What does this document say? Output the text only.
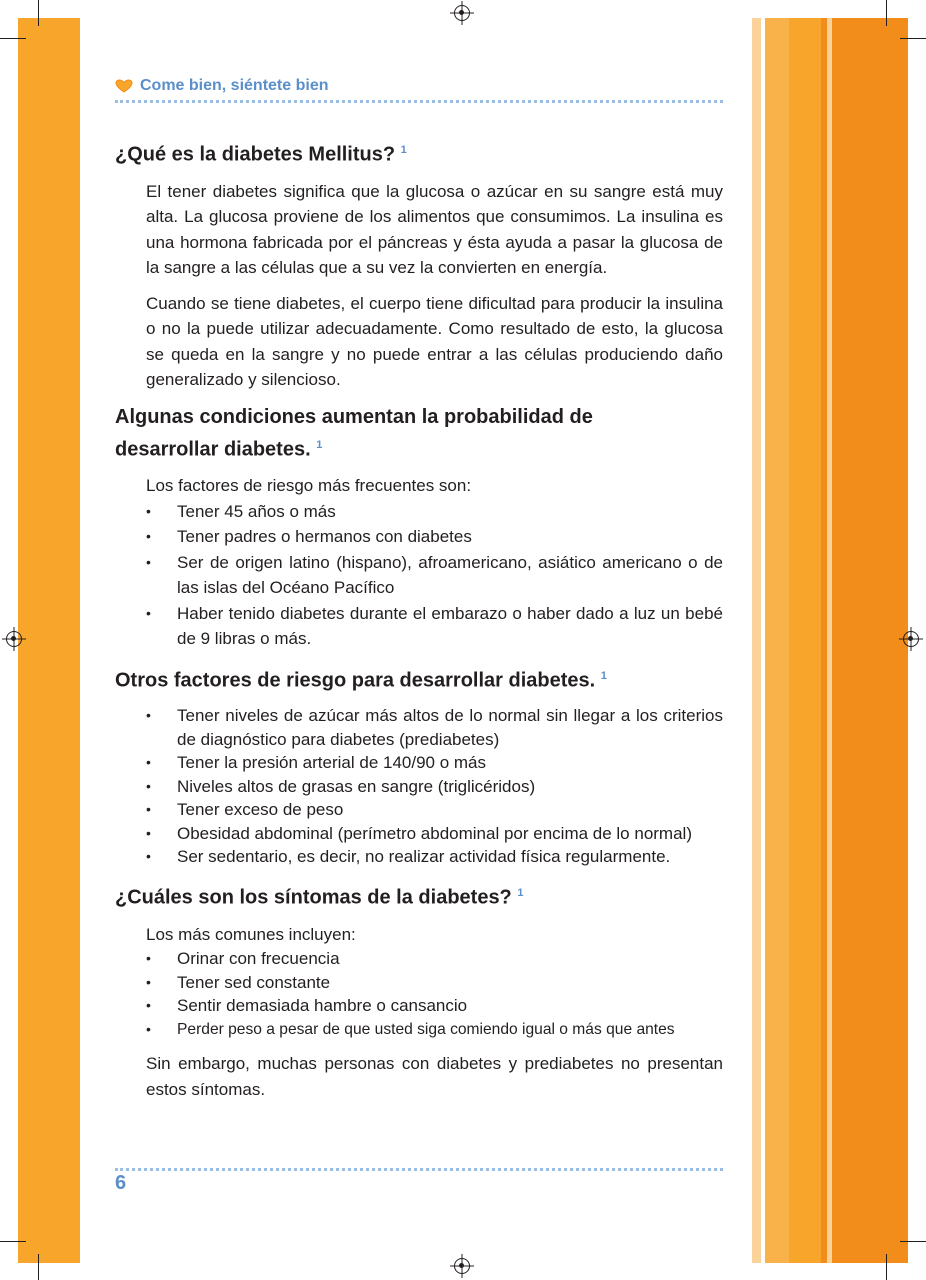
Come bien, siéntete bien
¿Qué es la diabetes Mellitus? $^1$

El tener diabetes significa que la glucosa o azúcar en su sangre está muy alta. La glucosa proviene de los alimentos que consumimos. La insulina es una hormona fabricada por el páncreas y ésta ayuda a pasar la glucosa de la sangre a las células que a su vez la convierten en energía.

Cuando se tiene diabetes, el cuerpo tiene dificultad para producir la insulina o no la puede utilizar adecuadamente. Como resultado de esto, la glucosa se queda en la sangre y no puede entrar a las células produciendo daño generalizado y silencioso.

Algunas condiciones aumentan la probabilidad de
desarrollar diabetes. $^1$

Los factores de riesgo más frecuentes son:

• Tener 45 años o más
• Tener padres o hermanos con diabetes
• Ser de origen latino (hispano), afroamericano, asiático americano o de las islas del Océano Pacífico
• Haber tenido diabetes durante el embarazo o haber dado a luz un bebé de 9 libras o más.
Otros factores de riesgo para desarrollar diabetes. $^1$
• Tener niveles de azúcar más altos de lo normal sin llegar a los criterios de diagnóstico para diabetes (prediabetes)
• Tener la presión arterial de 140/90 o más
• Niveles altos de grasas en sangre (triglicéridos)
• Tener exceso de peso
• Obesidad abdominal (perímetro abdominal por encima de lo normal)
• Ser sedentario, es decir, no realizar actividad física regularmente.
¿Cuáles son los síntomas de la diabetes? $^1$

Los más comunes incluyen:

• Orinar con frecuencia
• Tener sed constante
• Sentir demasiada hambre o cansancio
• Perder peso a pesar de que usted siga comiendo igual o más que antes

Sin embargo, muchas personas con diabetes y prediabetes no presentan estos síntomas.

6
